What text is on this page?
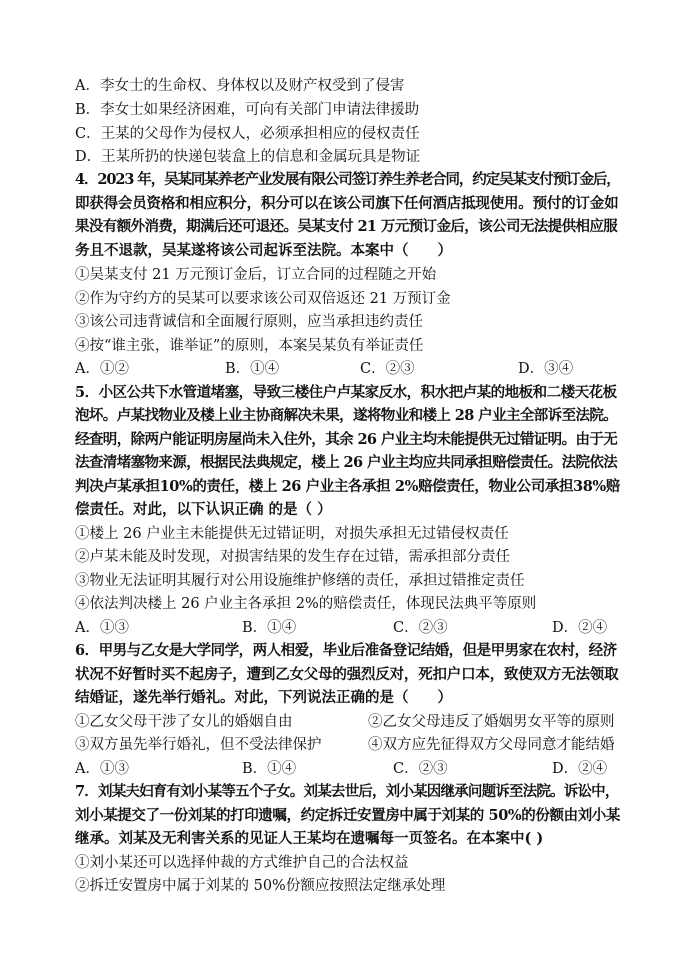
A．李女士的生命权、身体权以及财产权受到了侵害
B．李女士如果经济困难，可向有关部门申请法律援助
C．王某的父母作为侵权人，必须承担相应的侵权责任
D．王某所扔的快递包装盒上的信息和金属玩具是物证
4．2023 年，吴某同某养老产业发展有限公司签订养生养老合同，约定吴某支付预订金后，
即获得会员资格和相应积分，积分可以在该公司旗下任何酒店抵现使用。预付的订金如
果没有额外消费，期满后还可退还。吴某支付 21 万元预订金后，该公司无法提供相应服
务且不退款，吴某遂将该公司起诉至法院。本案中（　　）
①吴某支付 21 万元预订金后，订立合同的过程随之开始
②作为守约方的吴某可以要求该公司双倍返还 21 万预订金
③该公司违背诚信和全面履行原则，应当承担违约责任
④按“谁主张，谁举证”的原则，本案吴某负有举证责任
A．①②	B．①④	C．②③	D．③④
5．小区公共下水管道堵塞，导致三楼住户卢某家反水，积水把卢某的地板和二楼天花板
泡坏。卢某找物业及楼上业主协商解决未果，遂将物业和楼上 28 户业主全部诉至法院。
经查明，除两户能证明房屋尚未入住外，其余 26 户业主均未能提供无过错证明。由于无
法查清堵塞物来源，根据民法典规定，楼上 26 户业主均应共同承担赔偿责任。法院依法
判决卢某承担10%的责任，楼上 26 户业主各承担 2%赔偿责任，物业公司承担38%赔
偿责任。对此，以下认识正确 的是（ ）
①楼上 26 户业主未能提供无过错证明，对损失承担无过错侵权责任
②卢某未能及时发现，对损害结果的发生存在过错，需承担部分责任
③物业无法证明其履行对公用设施维护修缮的责任，承担过错推定责任
④依法判决楼上 26 户业主各承担 2%的赔偿责任，体现民法典平等原则
A．①③	B．①④	C．②③	D．②④
6．甲男与乙女是大学同学，两人相爱，毕业后准备登记结婚，但是甲男家在农村，经济
状况不好暂时买不起房子，遭到乙女父母的强烈反对，死扣户口本，致使双方无法领取
结婚证，遂先举行婚礼。对此，下列说法正确的是（　　）
①乙女父母干涉了女儿的婚姻自由	②乙女父母违反了婚姻男女平等的原则
③双方虽先举行婚礼，但不受法律保护	④双方应先征得双方父母同意才能结婚
A．①③	B．①④	C．②③	D．②④
7．刘某夫妇育有刘小某等五个子女。刘某去世后，刘小某因继承问题诉至法院。诉讼中，
刘小某提交了一份刘某的打印遗嘱，约定拆迁安置房中属于刘某的 50%的份额由刘小某
继承。刘某及无利害关系的见证人王某均在遗嘱每一页签名。在本案中( )
①刘小某还可以选择仲裁的方式维护自己的合法权益
②拆迁安置房中属于刘某的 50%份额应按照法定继承处理
